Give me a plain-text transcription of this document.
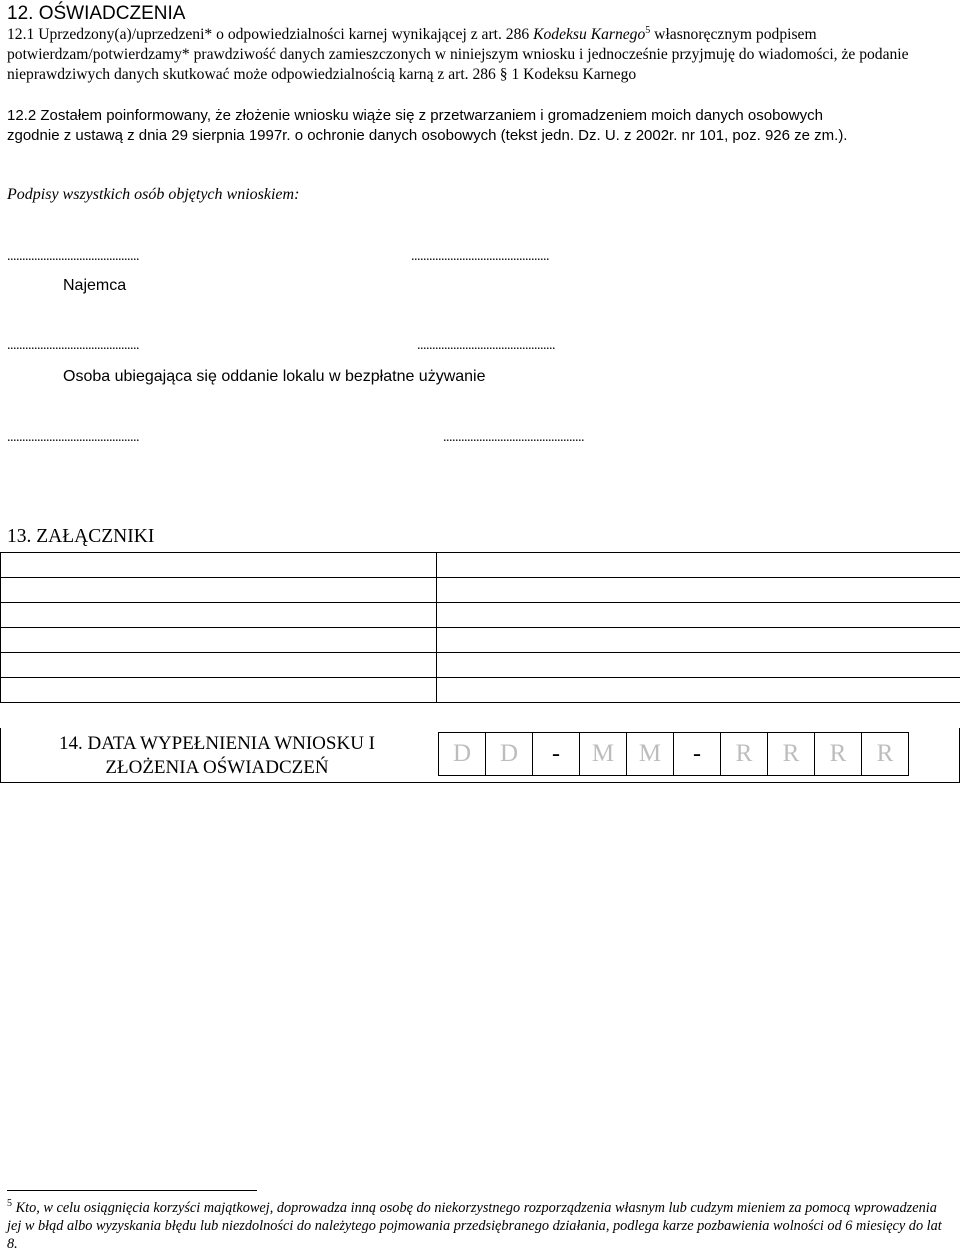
12. OŚWIADCZENIA
12.1 Uprzedzony(a)/uprzedzeni* o odpowiedzialności karnej wynikającej z art. 286 Kodeksu Karnego$^5$ własnoręcznym podpisem potwierdzam/potwierdzamy* prawdziwość danych zamieszczonych w niniejszym wniosku i jednocześnie przyjmuję do wiadomości, że podanie nieprawdziwych danych skutkować może odpowiedzialnością karną z art. 286 § 1 Kodeksu Karnego
12.2 Zostałem poinformowany, że złożenie wniosku wiąże się z przetwarzaniem i gromadzeniem moich danych osobowych
zgodnie z ustawą z dnia 29 sierpnia 1997r. o ochronie danych osobowych (tekst jedn. Dz. U. z 2002r. nr 101, poz. 926 ze zm.).
Podpisy wszystkich osób objętych wnioskiem:
............................................	..............................................
Najemca
............................................	..............................................
Osoba ubiegająca się oddanie lokalu w bezpłatne używanie
............................................	...............................................
13. ZAŁĄCZNIKI

14. DATA WYPEŁNIENIA WNIOSKU I
ZŁOŻENIA OŚWIADCZEŃ
D	D	-	M M	-	R	R	R	R
$^5$ Kto, w celu osiągnięcia korzyści majątkowej, doprowadza inną osobę do niekorzystnego rozporządzenia własnym lub cudzym mieniem za pomocą wprowadzenia jej w błąd albo wyzyskania błędu lub niezdolności do należytego pojmowania przedsiębranego działania, podlega karze pozbawienia wolności od 6 miesięcy do lat 8.
